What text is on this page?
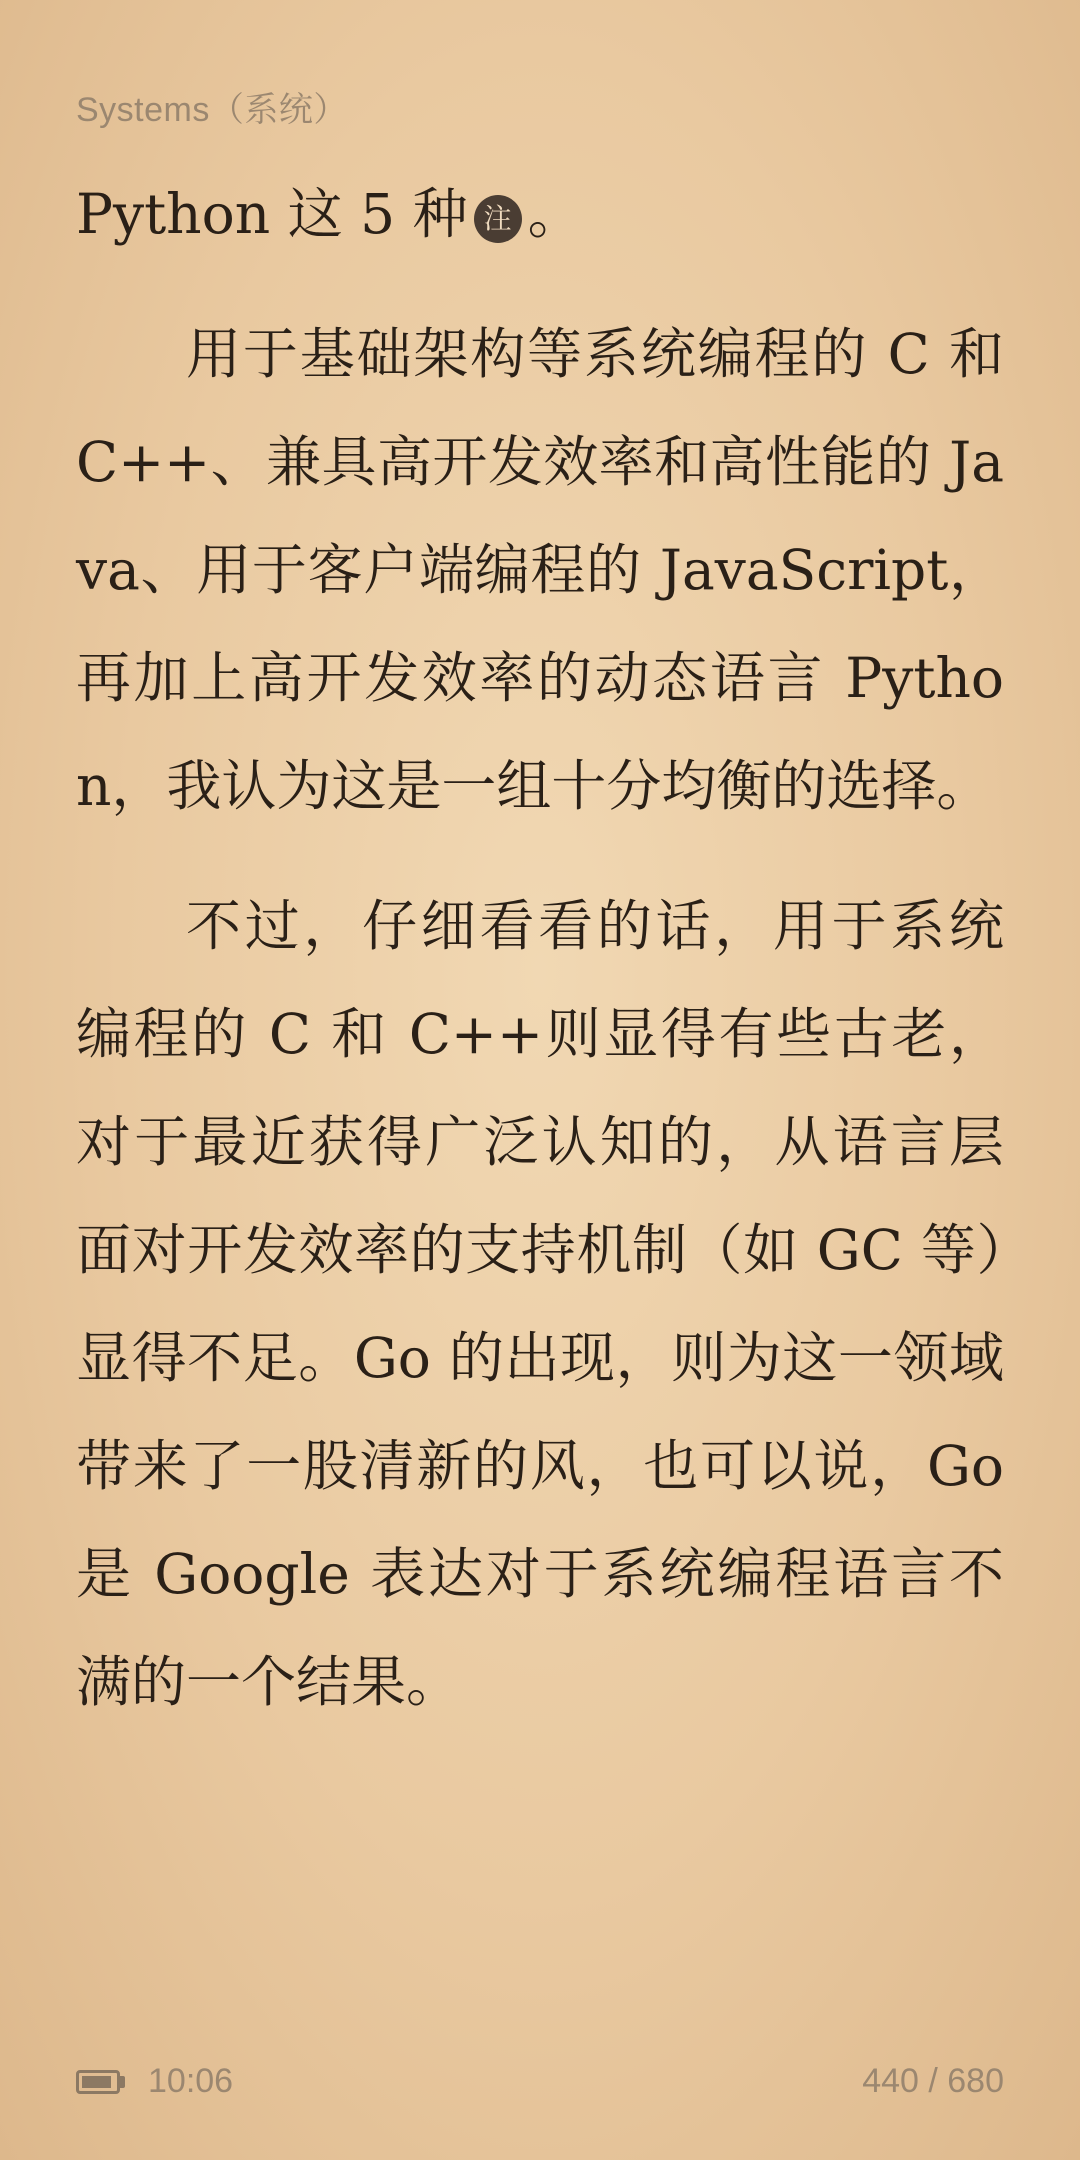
Systems（系统）

Python 这 5 种 注 。

用于基础架构等系统编程的 C 和 C++、兼具高开发效率和高性能的 Java、用于客户端编程的 JavaScript，再加上高开发效率的动态语言 Python，我认为这是一组十分均衡的选择。

不过，仔细看看的话，用于系统编程的 C 和 C++则显得有些古老，对于最近获得广泛认知的，从语言层面对开发效率的支持机制（如 GC 等）显得不足。Go 的出现，则为这一领域带来了一股清新的风，也可以说，Go 是 Google 表达对于系统编程语言不满的一个结果。

10:06	440 / 680
